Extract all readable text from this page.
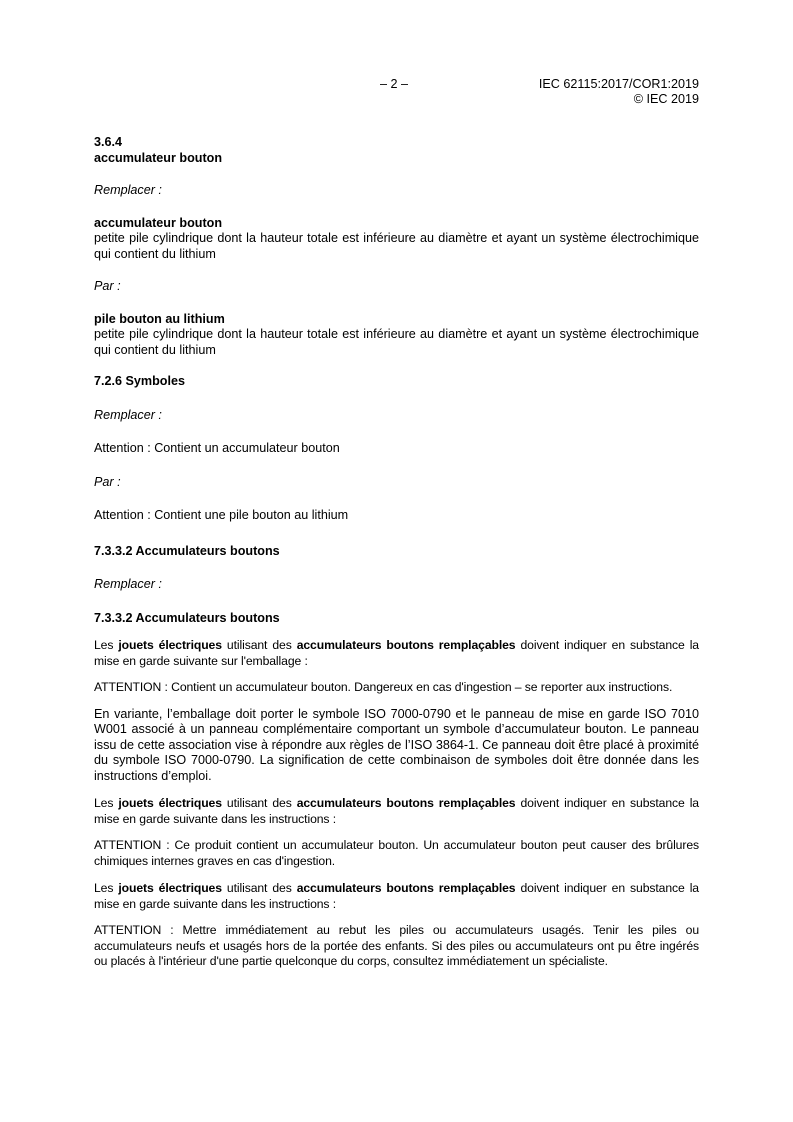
– 2 –	IEC 62115:2017/COR1:2019
© IEC 2019

3.6.4

accumulateur bouton

Remplacer :

accumulateur bouton

petite pile cylindrique dont la hauteur totale est inférieure au diamètre et ayant un système électrochimique qui contient du lithium

Par :

pile bouton au lithium

petite pile cylindrique dont la hauteur totale est inférieure au diamètre et ayant un système électrochimique qui contient du lithium

7.2.6 Symboles

Remplacer :

Attention : Contient un accumulateur bouton

Par :

Attention : Contient une pile bouton au lithium

7.3.3.2 Accumulateurs boutons

Remplacer :

7.3.3.2 Accumulateurs boutons

Les jouets électriques utilisant des accumulateurs boutons remplaçables doivent indiquer en substance la mise en garde suivante sur l'emballage :

ATTENTION : Contient un accumulateur bouton. Dangereux en cas d'ingestion – se reporter aux instructions.

En variante, l’emballage doit porter le symbole ISO 7000-0790 et le panneau de mise en garde ISO 7010 W001 associé à un panneau complémentaire comportant un symbole d’accumulateur bouton. Le panneau issu de cette association vise à répondre aux règles de l’ISO 3864-1. Ce panneau doit être placé à proximité du symbole ISO 7000-0790. La signification de cette combinaison de symboles doit être donnée dans les instructions d’emploi.

Les jouets électriques utilisant des accumulateurs boutons remplaçables doivent indiquer en substance la mise en garde suivante dans les instructions :

ATTENTION : Ce produit contient un accumulateur bouton. Un accumulateur bouton peut causer des brûlures chimiques internes graves en cas d'ingestion.

Les jouets électriques utilisant des accumulateurs boutons remplaçables doivent indiquer en substance la mise en garde suivante dans les instructions :

ATTENTION : Mettre immédiatement au rebut les piles ou accumulateurs usagés. Tenir les piles ou accumulateurs neufs et usagés hors de la portée des enfants. Si des piles ou accumulateurs ont pu être ingérés ou placés à l'intérieur d'une partie quelconque du corps, consultez immédiatement un spécialiste.
